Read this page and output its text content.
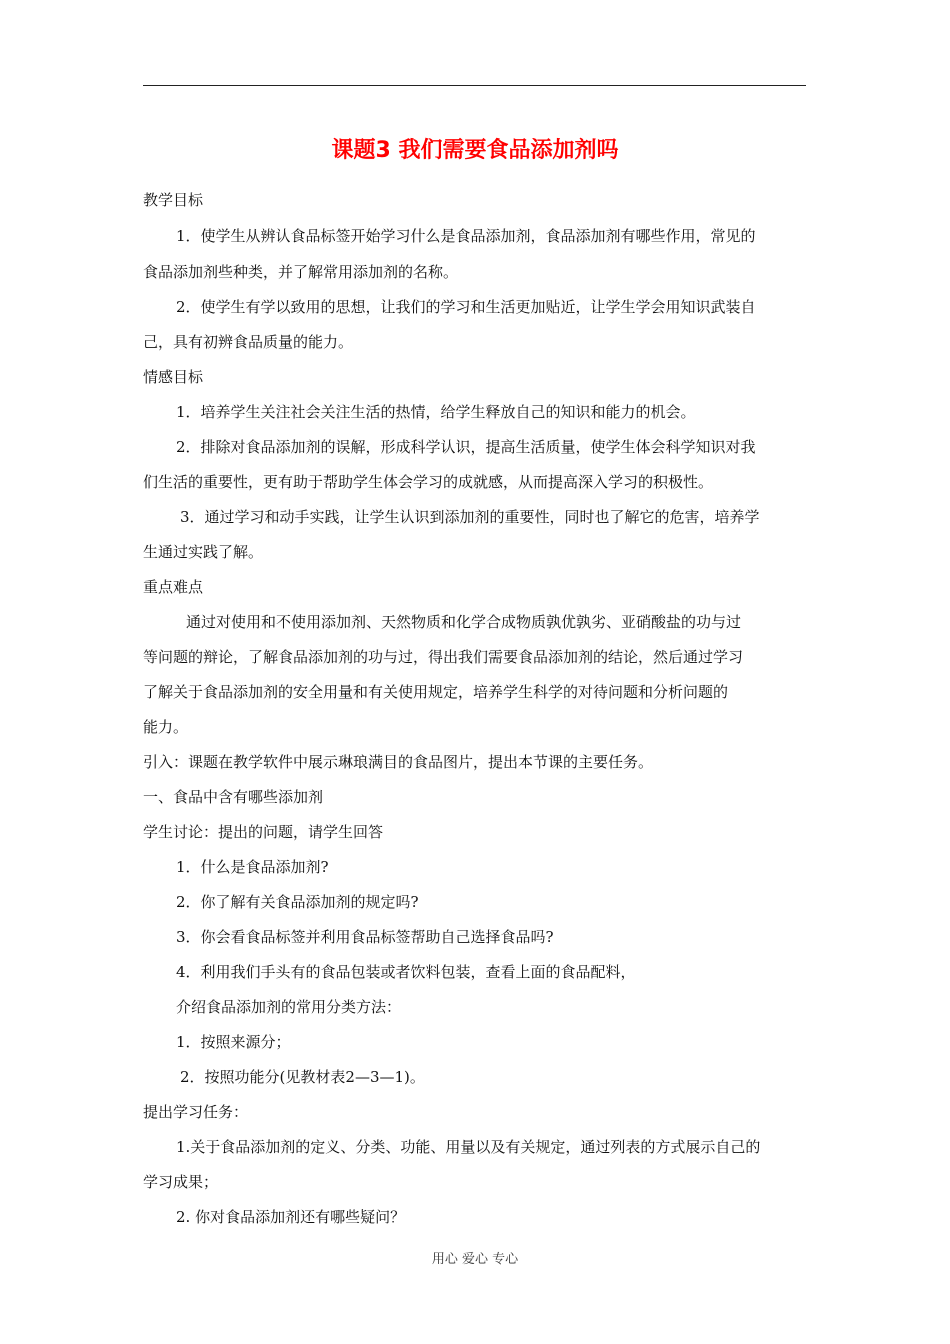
课题3 我们需要食品添加剂吗
教学目标
1．使学生从辨认食品标签开始学习什么是食品添加剂，食品添加剂有哪些作用，常见的
食品添加剂些种类，并了解常用添加剂的名称。
2．使学生有学以致用的思想，让我们的学习和生活更加贴近，让学生学会用知识武装自
己，具有初辨食品质量的能力。
情感目标
1．培养学生关注社会关注生活的热情，给学生释放自己的知识和能力的机会。
2．排除对食品添加剂的误解，形成科学认识，提高生活质量，使学生体会科学知识对我
们生活的重要性，更有助于帮助学生体会学习的成就感，从而提高深入学习的积极性。
3．通过学习和动手实践，让学生认识到添加剂的重要性，同时也了解它的危害，培养学
生通过实践了解。
重点难点
通过对使用和不使用添加剂、天然物质和化学合成物质孰优孰劣、亚硝酸盐的功与过
等问题的辩论，了解食品添加剂的功与过，得出我们需要食品添加剂的结论，然后通过学习
了解关于食品添加剂的安全用量和有关使用规定，培养学生科学的对待问题和分析问题的
能力。
引入：课题在教学软件中展示琳琅满目的食品图片，提出本节课的主要任务。
一、食品中含有哪些添加剂
学生讨论：提出的问题，请学生回答
1．什么是食品添加剂?
2．你了解有关食品添加剂的规定吗?
3．你会看食品标签并利用食品标签帮助自己选择食品吗?
4．利用我们手头有的食品包装或者饮料包装，查看上面的食品配料，
介绍食品添加剂的常用分类方法：
1．按照来源分；
2．按照功能分(见教材表2—3—1)。
提出学习任务：
1.关于食品添加剂的定义、分类、功能、用量以及有关规定，通过列表的方式展示自己的
学习成果；
2. 你对食品添加剂还有哪些疑问？
用心 爱心 专心
